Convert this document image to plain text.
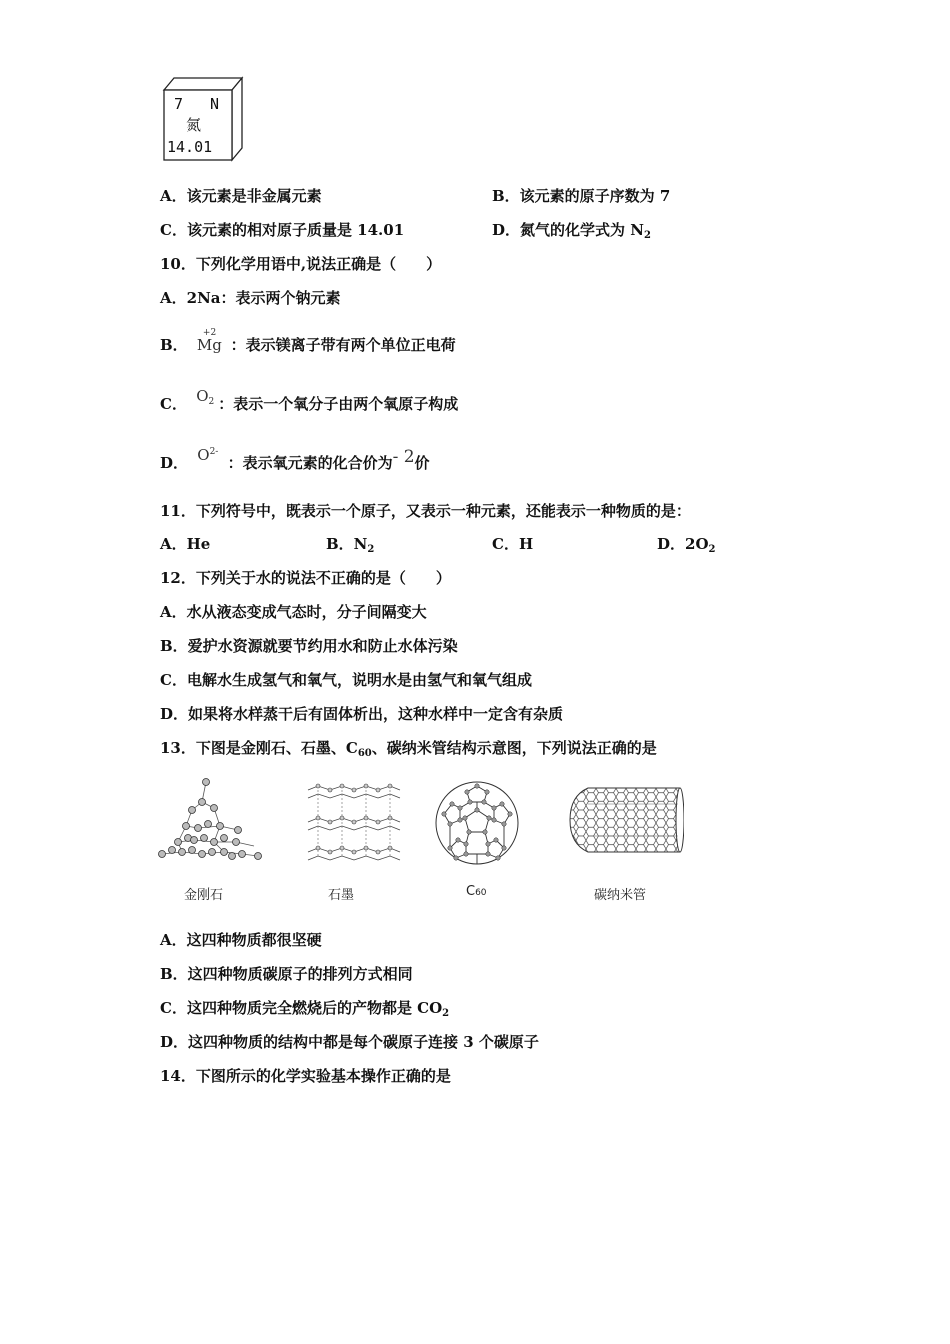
7 N
氮
14.01
A．该元素是非金属元素	B．该元素的原子序数为 7
C．该元素的相对原子质量是 14.01	D．氮气的化学式为 $N_2$
10．下列化学用语中,说法正确是（　　）
A．2Na：表示两个钠元素
B．
+2
Mg ：表示镁离子带有两个单位正电荷
C． $O_2$ ：表示一个氧分子由两个氧原子构成
D． O 2-
：表示氧元素的化合价为- 2价
11．下列符号中，既表示一个原子，又表示一种元素，还能表示一种物质的是：
A．He	B．$N_2$	C．H	D．$2O_2$
12．下列关于水的说法不正确的是（　　）
A．水从液态变成气态时，分子间隔变大
B．爱护水资源就要节约用水和防止水体污染
C．电解水生成氢气和氧气，说明水是由氢气和氧气组成
D．如果将水样蒸干后有固体析出，这种水样中一定含有杂质
13．下图是金刚石、石墨、$C_{60}$、碳纳米管结构示意图，下列说法正确的是
金刚石	石墨	C60	碳纳米管
A．这四种物质都很坚硬
B．这四种物质碳原子的排列方式相同
C．这四种物质完全燃烧后的产物都是 $CO_2$
D．这四种物质的结构中都是每个碳原子连接 3 个碳原子
14．下图所示的化学实验基本操作正确的是
